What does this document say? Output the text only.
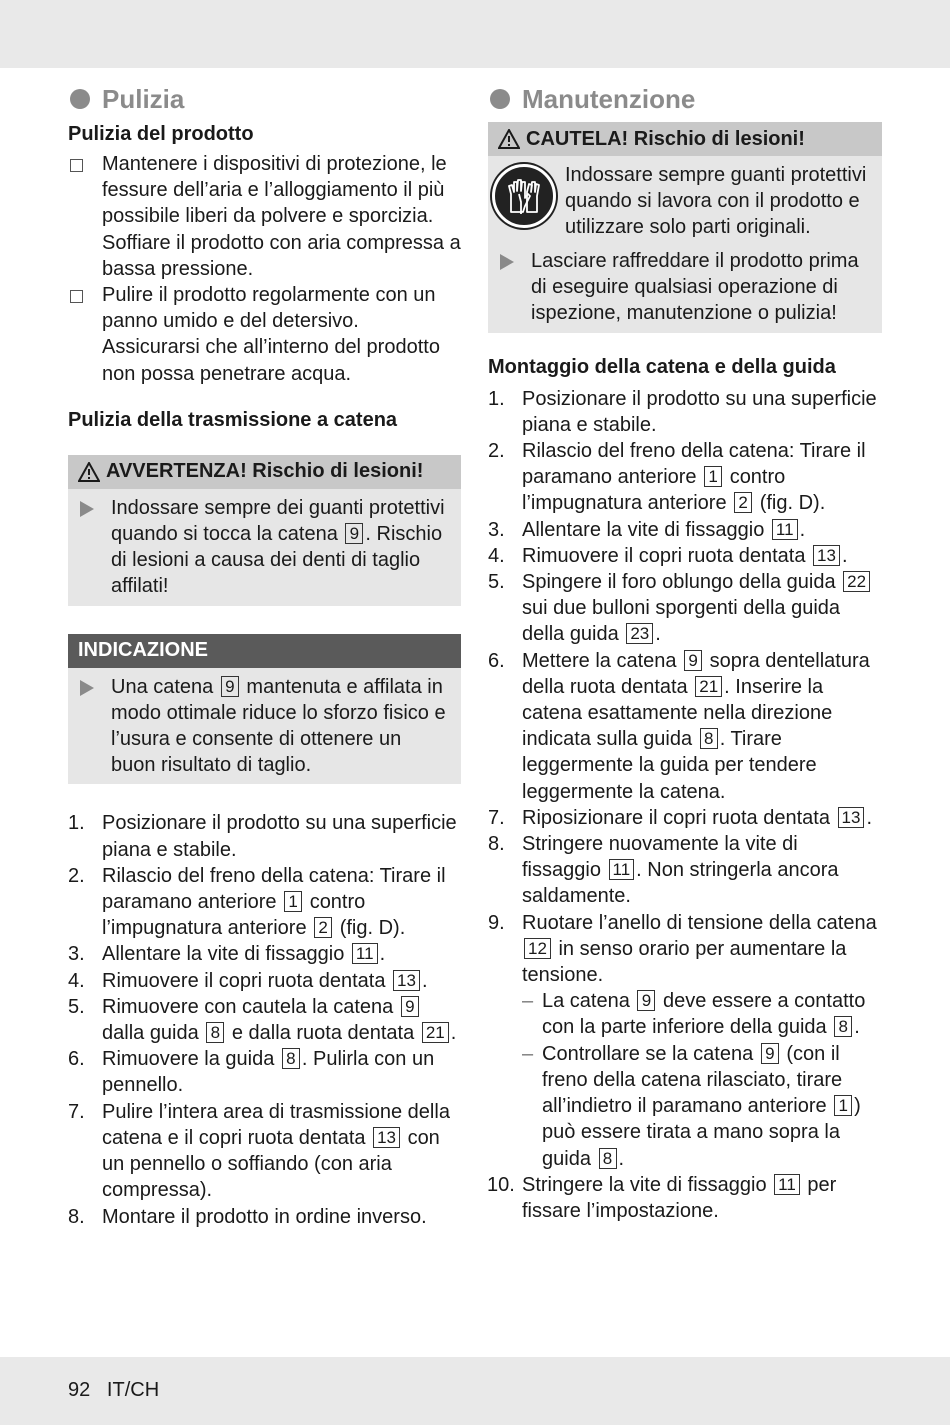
Pulizia

Pulizia del prodotto

Mantenere i dispositivi di protezione, le fessure dell’aria e l’alloggiamento il più possibile liberi da polvere e sporcizia. Soffiare il prodotto con aria compressa a bassa pressione.
Pulire il prodotto regolarmente con un panno umido e del detersivo. Assicurarsi che all’interno del prodotto non possa penetrare acqua.

Pulizia della trasmissione a catena

AVVERTENZA! Rischio di lesioni!
Indossare sempre dei guanti protettivi quando si tocca la catena 9 . Rischio di lesioni a causa dei denti di taglio affilati!
INDICAZIONE
Una catena 9 mantenuta e affilata in modo ottimale riduce lo sforzo fisico e l’usura e consente di ottenere un buon risultato di taglio.
1. Posizionare il prodotto su una superficie piana e stabile.
2. Rilascio del freno della catena: Tirare il paramano anteriore 1 contro l’impugnatura anteriore 2 (fig. D).
3. Allentare la vite di fissaggio 11 .
4. Rimuovere il copri ruota dentata 13 .
5. Rimuovere con cautela la catena 9 dalla guida 8 e dalla ruota dentata 21 .
6. Rimuovere la guida 8 . Pulirla con un pennello.
7. Pulire l’intera area di trasmissione della catena e il copri ruota dentata 13 con un pennello o soffiando (con aria compressa).
8. Montare il prodotto in ordine inverso.
Manutenzione
CAUTELA! Rischio di lesioni!
Indossare sempre guanti protettivi quando si lavora con il prodotto e utilizzare solo parti originali.
Lasciare raffreddare il prodotto prima di eseguire qualsiasi operazione di ispezione, manutenzione o pulizia!

Montaggio della catena e della guida

1. Posizionare il prodotto su una superficie piana e stabile.
2. Rilascio del freno della catena: Tirare il paramano anteriore 1 contro l’impugnatura anteriore 2 (fig. D).
3. Allentare la vite di fissaggio 11 .
4. Rimuovere il copri ruota dentata 13 .
5. Spingere il foro oblungo della guida 22 sui due bulloni sporgenti della guida della guida 23 .
6. Mettere la catena 9 sopra dentellatura della ruota dentata 21 . Inserire la catena esattamente nella direzione indicata sulla guida 8 . Tirare leggermente la guida per tendere leggermente la catena.
7. Riposizionare il copri ruota dentata 13 .
8. Stringere nuovamente la vite di fissaggio 11 . Non stringerla ancora saldamente.
9. Ruotare l’anello di tensione della catena 12 in senso orario per aumentare la tensione.
– La catena 9 deve essere a contatto con la parte inferiore della guida 8 .
– Controllare se la catena 9 (con il freno della catena rilasciato, tirare all’indietro il paramano anteriore 1 ) può essere tirata a mano sopra la guida 8 .
10. Stringere la vite di fissaggio 11 per fissare l’impostazione.
92 IT/CH
